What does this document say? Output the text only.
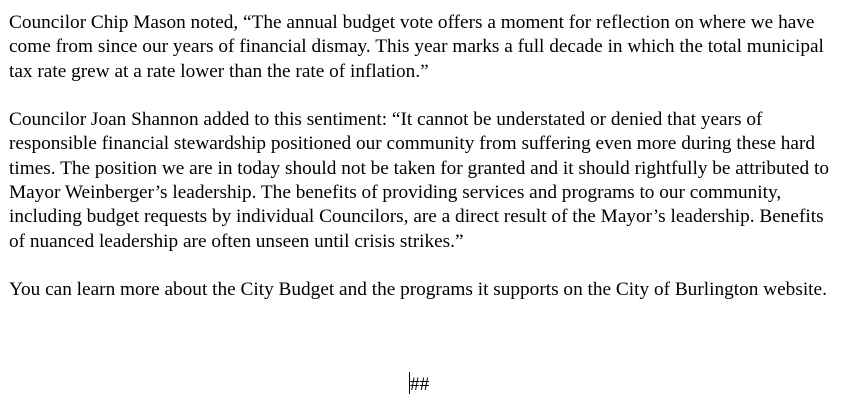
Councilor Chip Mason noted, “The annual budget vote offers a moment for reflection on where we have come from since our years of financial dismay. This year marks a full decade in which the total municipal tax rate grew at a rate lower than the rate of inflation.”

Councilor Joan Shannon added to this sentiment: “It cannot be understated or denied that years of responsible financial stewardship positioned our community from suffering even more during these hard times. The position we are in today should not be taken for granted and it should rightfully be attributed to Mayor Weinberger’s leadership. The benefits of providing services and programs to our community, including budget requests by individual Councilors, are a direct result of the Mayor’s leadership. Benefits of nuanced leadership are often unseen until crisis strikes.”

You can learn more about the City Budget and the programs it supports on the City of Burlington website.

##
